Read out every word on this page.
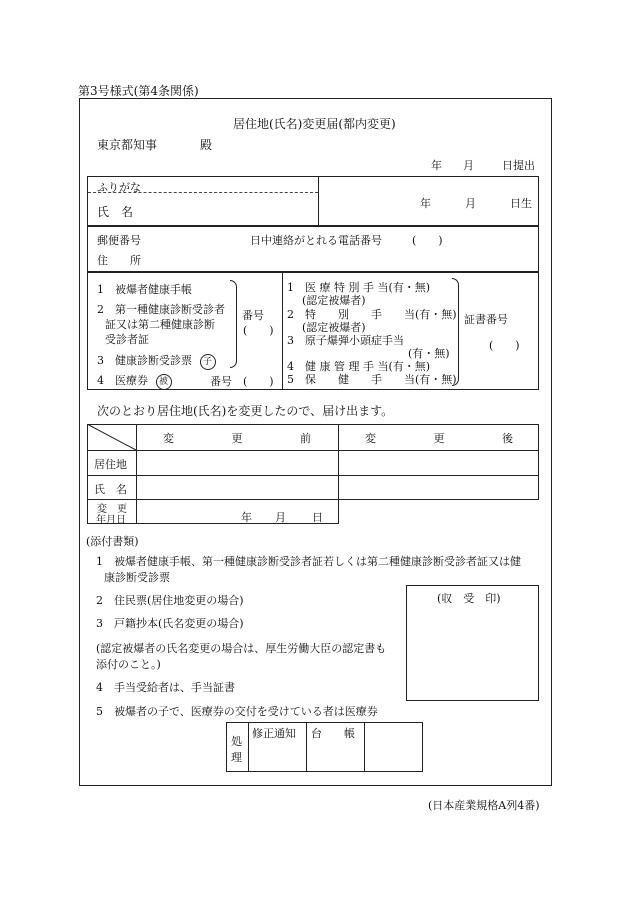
第3号様式(第4条関係)
居住地(氏名)変更届(都内変更)
東京都知事	殿
年 月	日提出
ふりがな
氏　名
年	月	日生
郵便番号	日中連絡がとれる電話番号	(　　)
住　　所
1　被爆者健康手帳
2　第一種健康診断受診者
証又は第二種健康診断
受診者証
3　健康診断受診票 子
4　医療券 被	番号　(　　)
番号
(　　)
1　医 療 特 別 手 当(有・無)
(認定被爆者)
2　特　　別　　手　　当(有・無)
(認定被爆者)
3　原子爆弾小頭症手当
(有・無)
4　健 康 管 理 手 当(有・無)
5　保　　健　　手　　当(有・無)
証書番号
(　　)
次のとおり居住地(氏名)を変更したので、届け出ます。
変	更	前	変	更	後
居住地
氏　名
変　更
年月日	年 月 日
(添付書類)
1　被爆者健康手帳、第一種健康診断受診者証若しくは第二種健康診断受診者証又は健
康診断受診票
2　住民票(居住地変更の場合)
3　戸籍抄本(氏名変更の場合)
(認定被爆者の氏名変更の場合は、厚生労働大臣の認定書も
添付のこと。)
4　手当受給者は、手当証書
5　被爆者の子で、医療券の交付を受けている者は医療券
(収　受　印)
処
理
修正通知 台　　帳
(日本産業規格A列4番)
